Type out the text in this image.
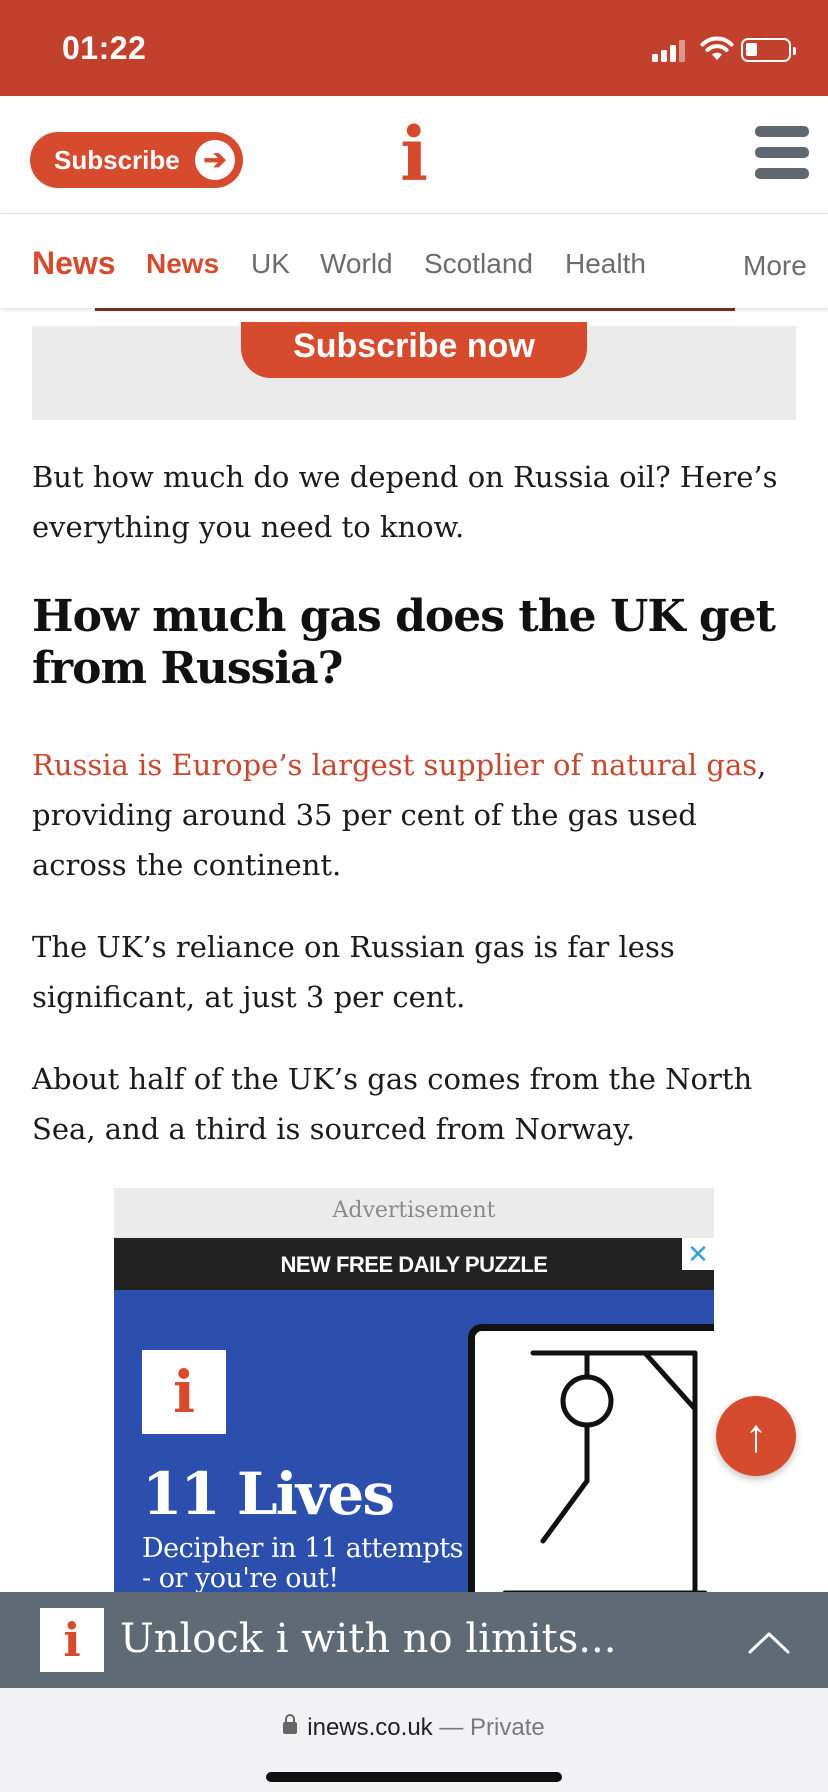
01:22
Subscribe ➔ i
News News UK World Scotland Health	More
Subscribe now

But how much do we depend on Russia oil? Here’s everything you need to know.

How much gas does the UK get from Russia?

Russia is Europe’s largest supplier of natural gas, providing around 35 per cent of the gas used across the continent.

The UK’s reliance on Russian gas is far less significant, at just 3 per cent.

About half of the UK’s gas comes from the North Sea, and a third is sourced from Norway.

Advertisement
NEW FREE DAILY PUZZLE	✕
i
11 Lives
Decipher in 11 attempts
- or you're out!
↑
i Unlock i with no limits...
inews.co.uk — Private
